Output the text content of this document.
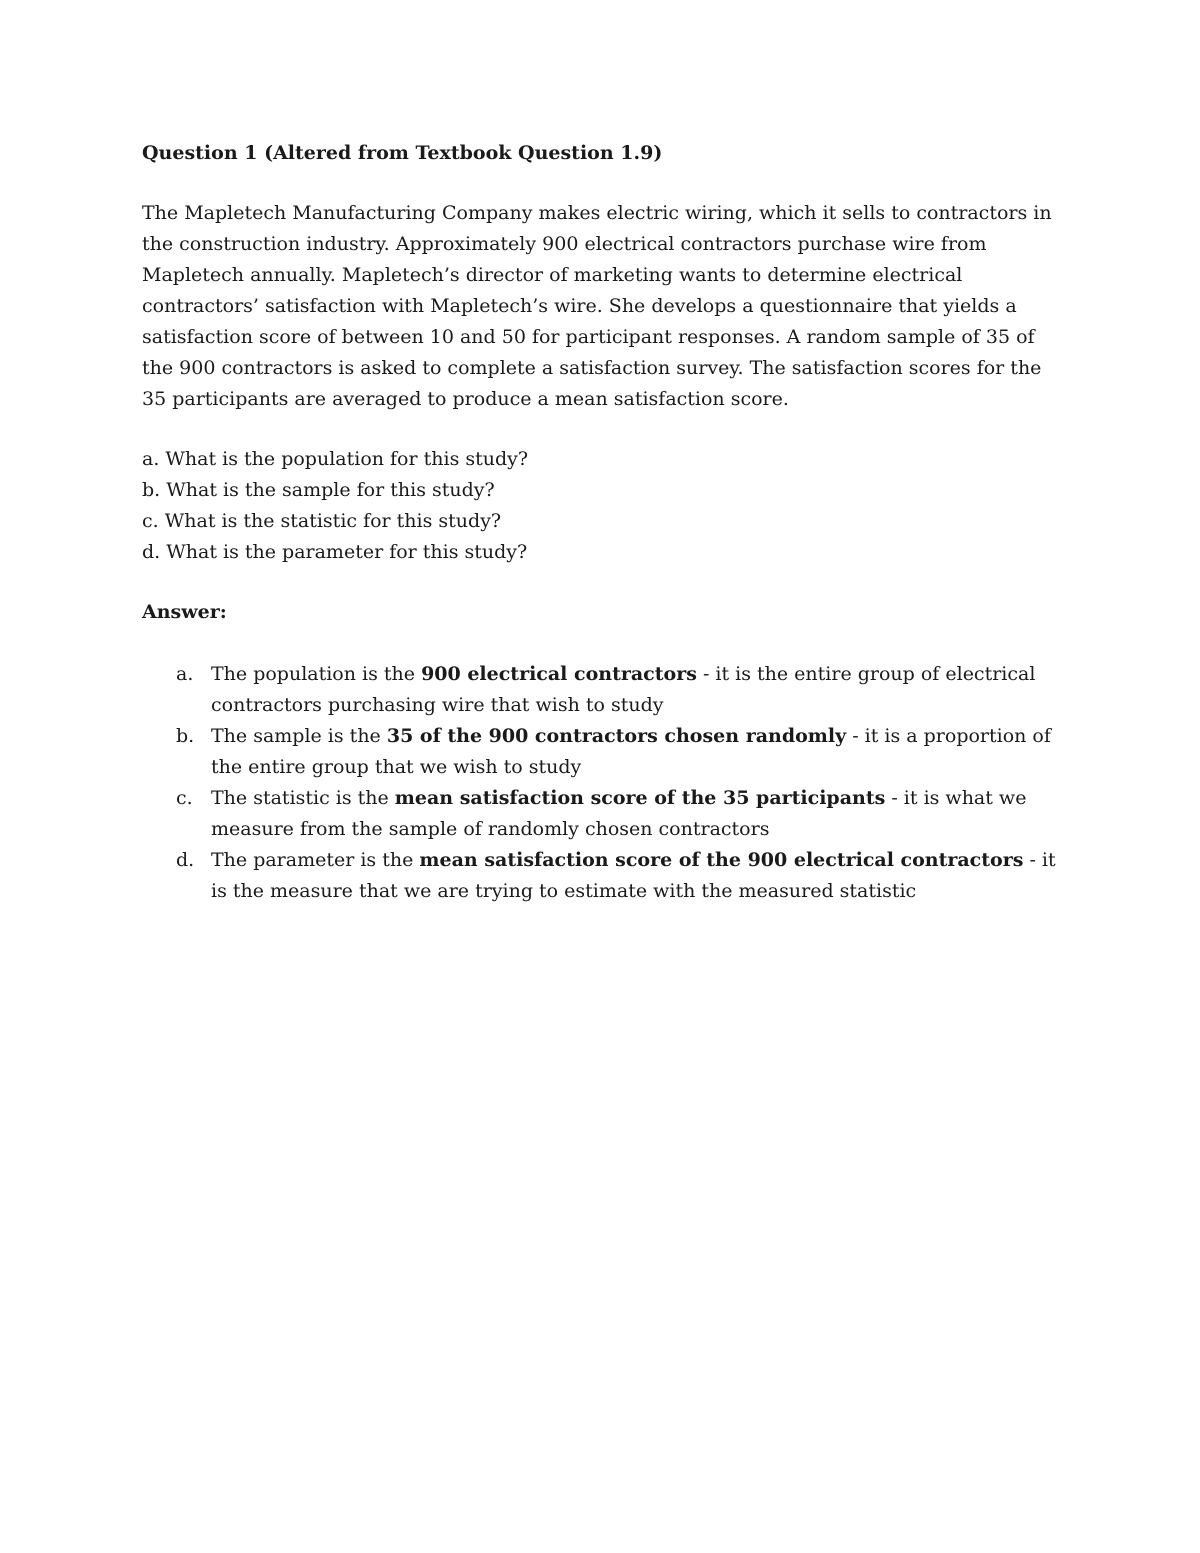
Question 1 (Altered from Textbook Question 1.9)

The Mapletech Manufacturing Company makes electric wiring, which it sells to contractors in the construction industry. Approximately 900 electrical contractors purchase wire from Mapletech annually. Mapletech’s director of marketing wants to determine electrical contractors’ satisfaction with Mapletech’s wire. She develops a questionnaire that yields a satisfaction score of between 10 and 50 for participant responses. A random sample of 35 of the 900 contractors is asked to complete a satisfaction survey. The satisfaction scores for the 35 participants are averaged to produce a mean satisfaction score.

a. What is the population for this study?
b. What is the sample for this study?
c. What is the statistic for this study?
d. What is the parameter for this study?

Answer:

a. The population is the 900 electrical contractors - it is the entire group of electrical contractors purchasing wire that wish to study
b. The sample is the 35 of the 900 contractors chosen randomly - it is a proportion of the entire group that we wish to study
c. The statistic is the mean satisfaction score of the 35 participants - it is what we measure from the sample of randomly chosen contractors
d. The parameter is the mean satisfaction score of the 900 electrical contractors - it is the measure that we are trying to estimate with the measured statistic
